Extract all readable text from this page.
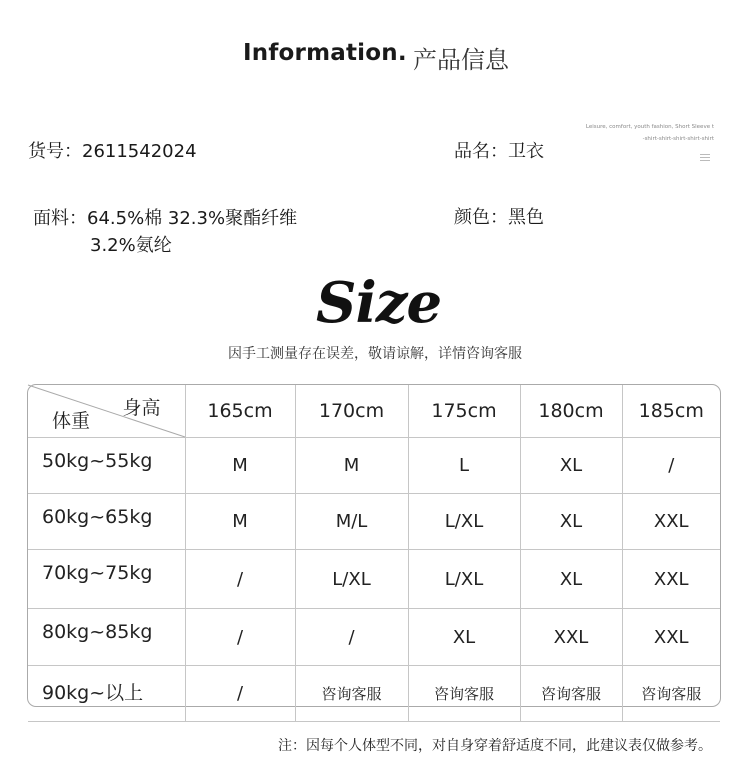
Information. 产品信息
货号：2611542024	品名：卫衣
面料：64.5%棉 32.3%聚酯纤维
3.2%氨纶
颜色：黑色
Leisure, comfort, youth fashion, Short Sleeve t
-shirt-shirt-shirt-shirt-shirt
Size
因手工测量存在误差，敬请谅解，详情咨询客服
身高
体重	165cm	170cm	175cm	180cm	185cm
50kg~55kg	M	M	L	XL	/
60kg~65kg	M	M/L	L/XL	XL	XXL
70kg~75kg	/	L/XL	L/XL	XL	XXL
80kg~85kg	/	/	XL	XXL	XXL
90kg~以上	/	咨询客服	咨询客服	咨询客服	咨询客服
注：因每个人体型不同，对自身穿着舒适度不同，此建议表仅做参考。					
